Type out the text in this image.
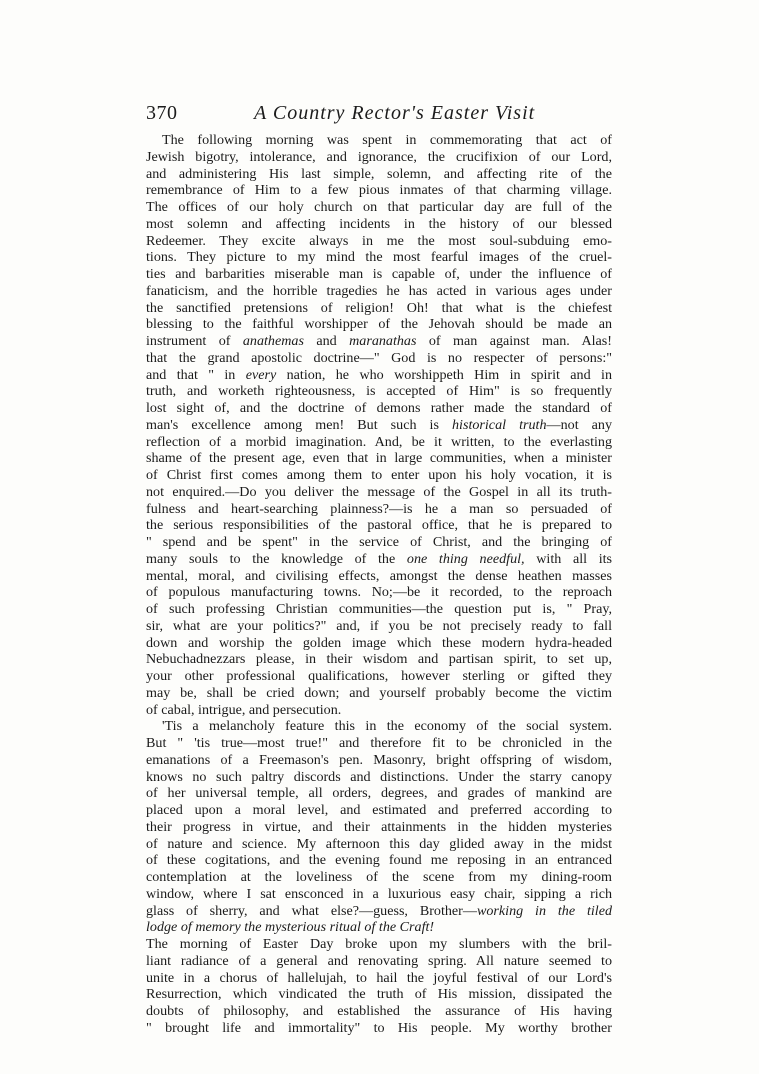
370	A Country Rector's Easter Visit
The following morning was spent in commemorating that act of
Jewish bigotry, intolerance, and ignorance, the crucifixion of our Lord,
and administering His last simple, solemn, and affecting rite of the
remembrance of Him to a few pious inmates of that charming village.
The offices of our holy church on that particular day are full of the
most solemn and affecting incidents in the history of our blessed
Redeemer. They excite always in me the most soul-subduing emo-
tions. They picture to my mind the most fearful images of the cruel-
ties and barbarities miserable man is capable of, under the influence of
fanaticism, and the horrible tragedies he has acted in various ages under
the sanctified pretensions of religion! Oh! that what is the chiefest
blessing to the faithful worshipper of the Jehovah should be made an
instrument of anathemas and maranathas of man against man. Alas!
that the grand apostolic doctrine—" God is no respecter of persons:"
and that " in every nation, he who worshippeth Him in spirit and in
truth, and worketh righteousness, is accepted of Him" is so frequently
lost sight of, and the doctrine of demons rather made the standard of
man's excellence among men! But such is historical truth—not any
reflection of a morbid imagination. And, be it written, to the everlasting
shame of the present age, even that in large communities, when a minister
of Christ first comes among them to enter upon his holy vocation, it is
not enquired.—Do you deliver the message of the Gospel in all its truth-
fulness and heart-searching plainness?—is he a man so persuaded of
the serious responsibilities of the pastoral office, that he is prepared to
" spend and be spent" in the service of Christ, and the bringing of
many souls to the knowledge of the one thing needful, with all its
mental, moral, and civilising effects, amongst the dense heathen masses
of populous manufacturing towns. No;—be it recorded, to the reproach
of such professing Christian communities—the question put is, " Pray,
sir, what are your politics?" and, if you be not precisely ready to fall
down and worship the golden image which these modern hydra-headed
Nebuchadnezzars please, in their wisdom and partisan spirit, to set up,
your other professional qualifications, however sterling or gifted they
may be, shall be cried down; and yourself probably become the victim
of cabal, intrigue, and persecution.
'Tis a melancholy feature this in the economy of the social system.
But " 'tis true—most true!" and therefore fit to be chronicled in the
emanations of a Freemason's pen. Masonry, bright offspring of wisdom,
knows no such paltry discords and distinctions. Under the starry canopy
of her universal temple, all orders, degrees, and grades of mankind are
placed upon a moral level, and estimated and preferred according to
their progress in virtue, and their attainments in the hidden mysteries
of nature and science. My afternoon this day glided away in the midst
of these cogitations, and the evening found me reposing in an entranced
contemplation at the loveliness of the scene from my dining-room
window, where I sat ensconced in a luxurious easy chair, sipping a rich
glass of sherry, and what else?—guess, Brother—working in the tiled
lodge of memory the mysterious ritual of the Craft!
The morning of Easter Day broke upon my slumbers with the bril-
liant radiance of a general and renovating spring. All nature seemed to
unite in a chorus of hallelujah, to hail the joyful festival of our Lord's
Resurrection, which vindicated the truth of His mission, dissipated the
doubts of philosophy, and established the assurance of His having
" brought life and immortality" to His people. My worthy brother
